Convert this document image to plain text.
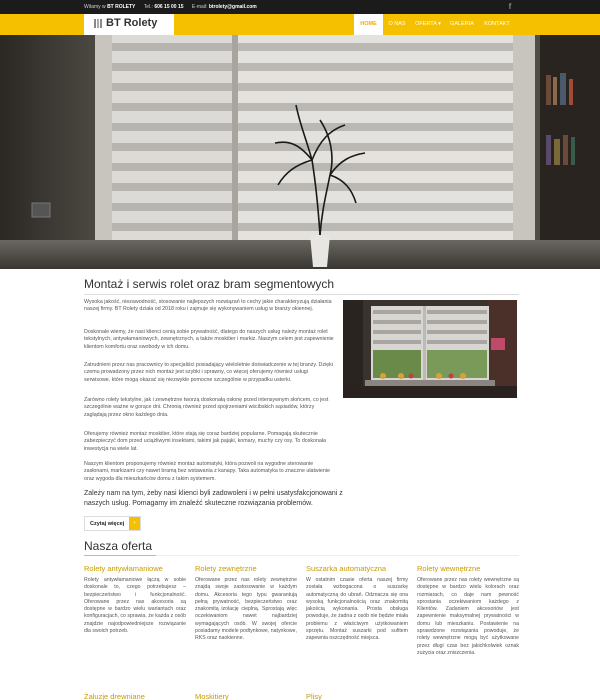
Witamy w BT ROLETY Tel.: 606 15 00 15 E-mail: btrolety@gmail.com	f
BT Rolety	HOME	O NAS	OFERTA ▾	GALERIA	KONTAKT
Montaż i serwis rolet oraz bram segmentowych
Wysoka jakość, niezawodność, stosowanie najlepszych rozwiązań to cechy jakie charakteryzują działania naszej firmy. BT Rolety działa od 2018 roku i zajmuje się wykonywaniem usług w branży okiennej.
Doskonale wiemy, że nasi klienci cenią sobie prywatność, dlatego do naszych usług należy montaż rolet tekstylnych, antywłamaniowych, zewnętrznych, a także moskitier i markiz. Naszym celem jest zapewnienie klientom komfortu oraz swobody w ich domu.
Zatrudnieni przez nas pracownicy to specjaliści posiadający wieloletnie doświadczenie w tej branży. Dzięki czemu prowadzony przez nich montaż jest szybki i sprawny, co więcej oferujemy również usługi serwisowe, które mogą okazać się niezwykle pomocne szczególnie w przypadku usterki.
Zarówno rolety tekstylne, jak i zewnętrzne tworzą doskonałą osłonę przed intensywnym słońcem, co jest szczególnie ważne w gorące dni. Chronią również przed spojrzeniami wścibskich sąsiadów, którzy zaglądają przez okno każdego dnia.
Oferujemy również montaż moskitier, które stają się coraz bardziej popularne. Pomagają skutecznie zabezpieczyć dom przed uciążliwymi insektami, takimi jak pająki, komary, muchy czy osy. To doskonała inwestycja na wiele lat.
Naszym klientom proponujemy również montaż automatyki, która pozwoli na wygodne sterowanie zasłonami, markizami czy nawet bramą bez wstawania z kanapy. Taka automatyka to znaczne ułatwienie oraz wygoda dla mieszkańców domu z takim systemem.
Zależy nam na tym, żeby nasi klienci byli zadowoleni i w pełni usatysfakcjonowani z naszych usług. Pomagamy im znaleźć skuteczne rozwiązania problemów.
Czytaj więcej	›
Nasza oferta
Rolety antywłamaniowe
Rolety antywłamaniowe łączą w sobie doskonale to, czego potrzebujesz – bezpieczeństwo i funkcjonalność. Oferowane przez nas akcesoria są dostępne w bardzo wielu wariantach oraz konfiguracjach, co sprawia, że każda z osób znajdzie najodpowiedniejsze rozwiązanie dla swoich potrzeb.
Rolety zewnętrzne
Oferowane przez nas rolety zewnętrzne znajdą swoje zastosowanie w każdym domu. Akcesoria tego typu gwarantują pełną prywatność, bezpieczeństwo oraz znakomitą izolację cieplną. Sprostają więc oczekiwaniom nawet najbardziej wymagających osób. W swojej ofercie posiadamy modele podtynkowe, natynkowe, RKS oraz naokienne.
Suszarka automatyczna
W ostatnim czasie oferta naszej firmy została wzbogacona o suszarkę automatyczną do ubrań. Odznacza się ona wysoką funkcjonalnością oraz znakomitą jakością wykonania. Prosta obsługa powoduje, że żadna z osób nie będzie miała problemu z właściwym użytkowaniem sprzętu. Montaż suszarki pod sufitem zapewnia oszczędność miejsca.
Rolety wewnętrzne
Oferowane przez nas rolety wewnętrzne są dostępne w bardzo wielu kolorach oraz rozmiarach, co daje nam pewność sprostania oczekiwaniom każdego z Klientów. Zadaniem akcesoriów jest zapewnienie maksymalnej prywatności w domu lub mieszkaniu. Postawienie na sprawdzone rozwiązania powoduje, że rolety wewnętrzne mogą być użytkowane przez długi czas bez jakichkolwiek oznak zużycia oraz zniszczenia.
Żaluzje drewniane	Moskitiery	Plisy
